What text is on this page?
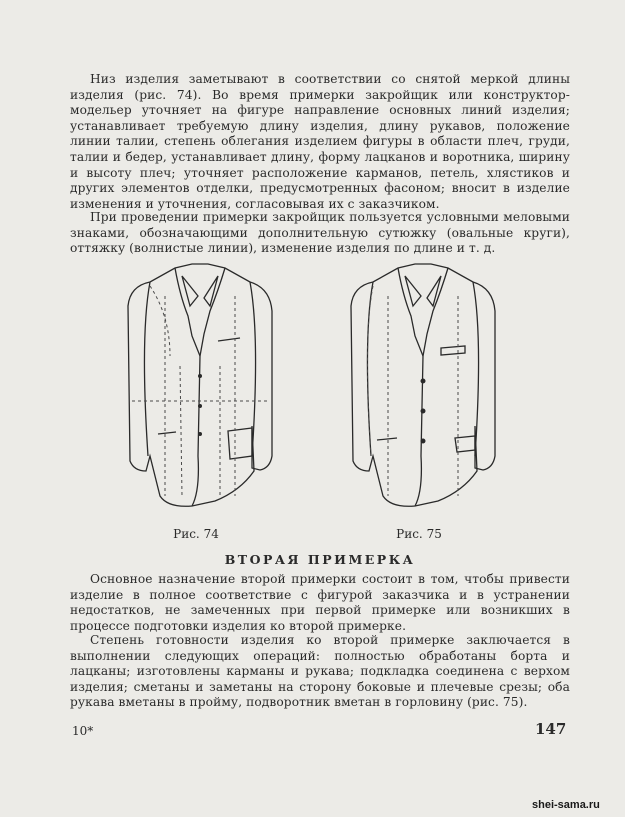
Низ изделия заметывают в соответствии со снятой меркой длины изделия (рис. 74). Во время примерки закройщик или конструктор-модельер уточняет на фигуре направление основных линий изделия; устанавливает требуемую длину изделия, длину рукавов, положение линии талии, степень облегания изделием фигуры в области плеч, груди, талии и бедер, устанавливает длину, форму лацканов и воротника, ширину и высоту плеч; уточняет расположение карманов, петель, хлястиков и других элементов отделки, предусмотренных фасоном; вносит в изделие изменения и уточнения, согласовывая их с заказчиком.

При проведении примерки закройщик пользуется условными меловыми знаками, обозначающими дополнительную сутюжку (овальные круги), оттяжку (волнистые линии), изменение изделия по длине и т. д.

Рис. 74	Рис. 75
ВТОРАЯ ПРИМЕРКА

Основное назначение второй примерки состоит в том, чтобы привести изделие в полное соответствие с фигурой заказчика и в устранении недостатков, не замеченных при первой примерке или возникших в процессе подготовки изделия ко второй примерке.

Степень готовности изделия ко второй примерке заключается в выполнении следующих операций: полностью обработаны борта и лацканы; изготовлены карманы и рукава; подкладка соединена с верхом изделия; сметаны и заметаны на сторону боковые и плечевые срезы; оба рукава вметаны в пройму, подворотник вметан в горловину (рис. 75).

10*	147
shei-sama.ru
